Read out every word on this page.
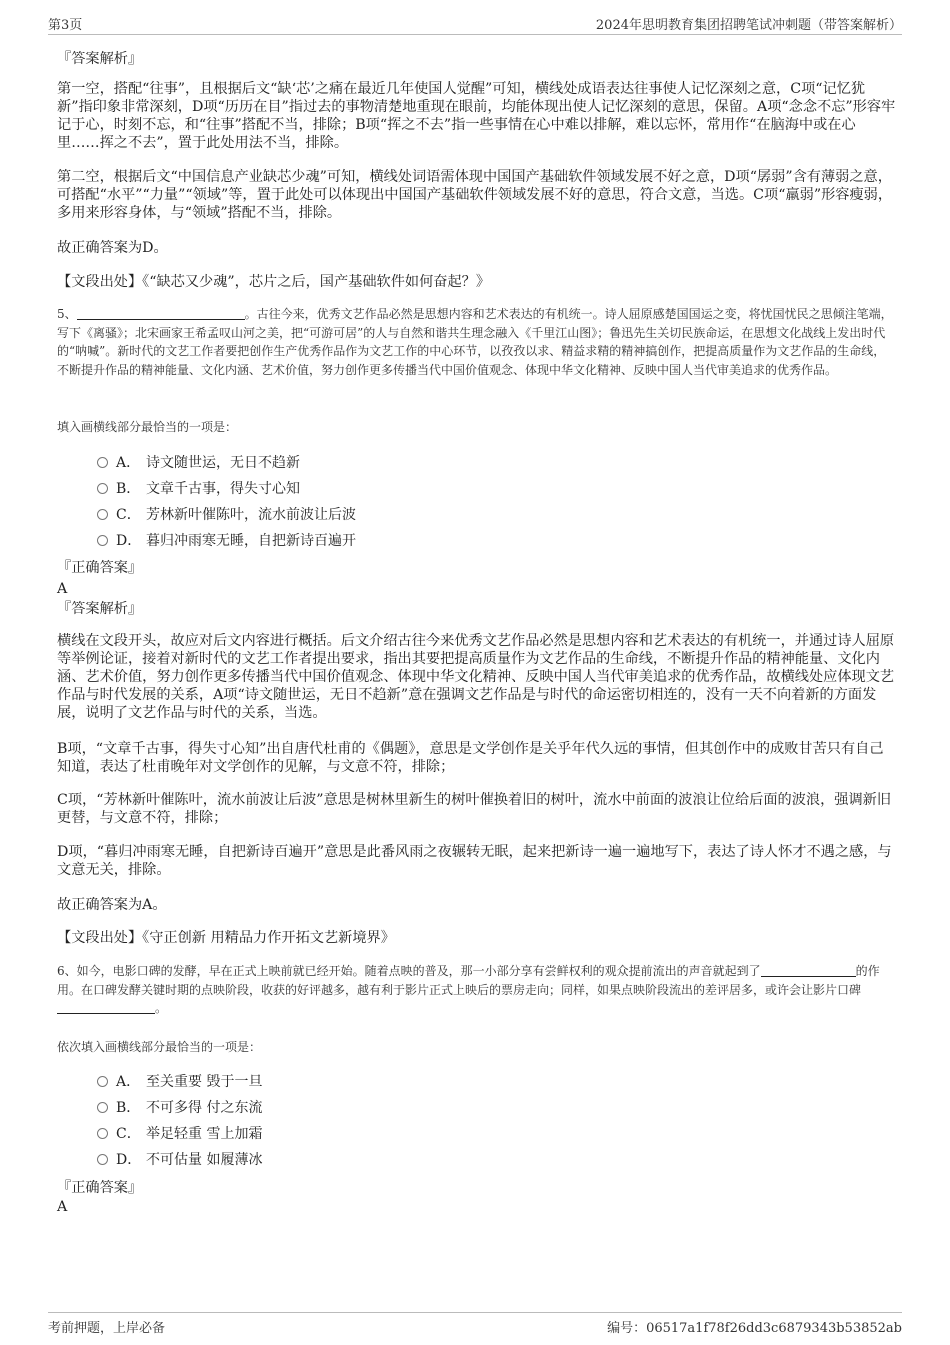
第3页	2024年思明教育集团招聘笔试冲刺题（带答案解析）
『答案解析』

第一空，搭配“往事”，且根据后文“缺‘芯’之痛在最近几年使国人觉醒”可知，横线处成语表达往事使人记忆深刻之意，C项“记忆犹新”指印象非常深刻，D项“历历在目”指过去的事物清楚地重现在眼前，均能体现出使人记忆深刻的意思，保留。A项“念念不忘”形容牢记于心，时刻不忘，和“往事”搭配不当，排除；B项“挥之不去”指一些事情在心中难以排解，难以忘怀，常用作“在脑海中或在心里……挥之不去”，置于此处用法不当，排除。

第二空，根据后文“中国信息产业缺芯少魂”可知，横线处词语需体现中国国产基础软件领域发展不好之意，D项“孱弱”含有薄弱之意，可搭配“水平”“力量”“领域”等，置于此处可以体现出中国国产基础软件领域发展不好的意思，符合文意，当选。C项“羸弱”形容瘦弱，多用来形容身体，与“领域”搭配不当，排除。

故正确答案为D。
【文段出处】《“缺芯又少魂”，芯片之后，国产基础软件如何奋起？》

5、	。古往今来，优秀文艺作品必然是思想内容和艺术表达的有机统一。诗人屈原感楚国国运之变，将忧国忧民之思倾注笔端，写下《离骚》；北宋画家王希孟叹山河之美，把“可游可居”的人与自然和谐共生理念融入《千里江山图》；鲁迅先生关切民族命运，在思想文化战线上发出时代的“呐喊”。新时代的文艺工作者要把创作生产优秀作品作为文艺工作的中心环节，以孜孜以求、精益求精的精神搞创作，把提高质量作为文艺作品的生命线，不断提升作品的精神能量、文化内涵、艺术价值，努力创作更多传播当代中国价值观念、体现中华文化精神、反映中国人当代审美追求的优秀作品。

填入画横线部分最恰当的一项是：
A． 诗文随世运，无日不趋新
B． 文章千古事，得失寸心知
C． 芳林新叶催陈叶，流水前波让后波
D． 暮归冲雨寒无睡，自把新诗百遍开
『正确答案』
A
『答案解析』

横线在文段开头，故应对后文内容进行概括。后文介绍古往今来优秀文艺作品必然是思想内容和艺术表达的有机统一，并通过诗人屈原等举例论证，接着对新时代的文艺工作者提出要求，指出其要把提高质量作为文艺作品的生命线，不断提升作品的精神能量、文化内涵、艺术价值，努力创作更多传播当代中国价值观念、体现中华文化精神、反映中国人当代审美追求的优秀作品，故横线处应体现文艺作品与时代发展的关系，A项“诗文随世运，无日不趋新”意在强调文艺作品是与时代的命运密切相连的，没有一天不向着新的方面发展，说明了文艺作品与时代的关系，当选。

B项，“文章千古事，得失寸心知”出自唐代杜甫的《偶题》，意思是文学创作是关乎年代久远的事情，但其创作中的成败甘苦只有自己知道，表达了杜甫晚年对文学创作的见解，与文意不符，排除；

C项，“芳林新叶催陈叶，流水前波让后波”意思是树林里新生的树叶催换着旧的树叶，流水中前面的波浪让位给后面的波浪，强调新旧更替，与文意不符，排除；

D项，“暮归冲雨寒无睡，自把新诗百遍开”意思是此番风雨之夜辗转无眠，起来把新诗一遍一遍地写下，表达了诗人怀才不遇之感，与文意无关，排除。

故正确答案为A。
【文段出处】《守正创新 用精品力作开拓文艺新境界》

6、如今，电影口碑的发酵，早在正式上映前就已经开始。随着点映的普及，那一小部分享有尝鲜权利的观众提前流出的声音就起到了	的作用。在口碑发酵关键时期的点映阶段，收获的好评越多，越有利于影片正式上映后的票房走向；同样，如果点映阶段流出的差评居多，或许会让影片口碑 。

依次填入画横线部分最恰当的一项是：
A． 至关重要 毁于一旦
B． 不可多得 付之东流
C． 举足轻重 雪上加霜
D． 不可估量 如履薄冰
『正确答案』
A
考前押题，上岸必备	编号：06517a1f78f26dd3c6879343b53852ab
